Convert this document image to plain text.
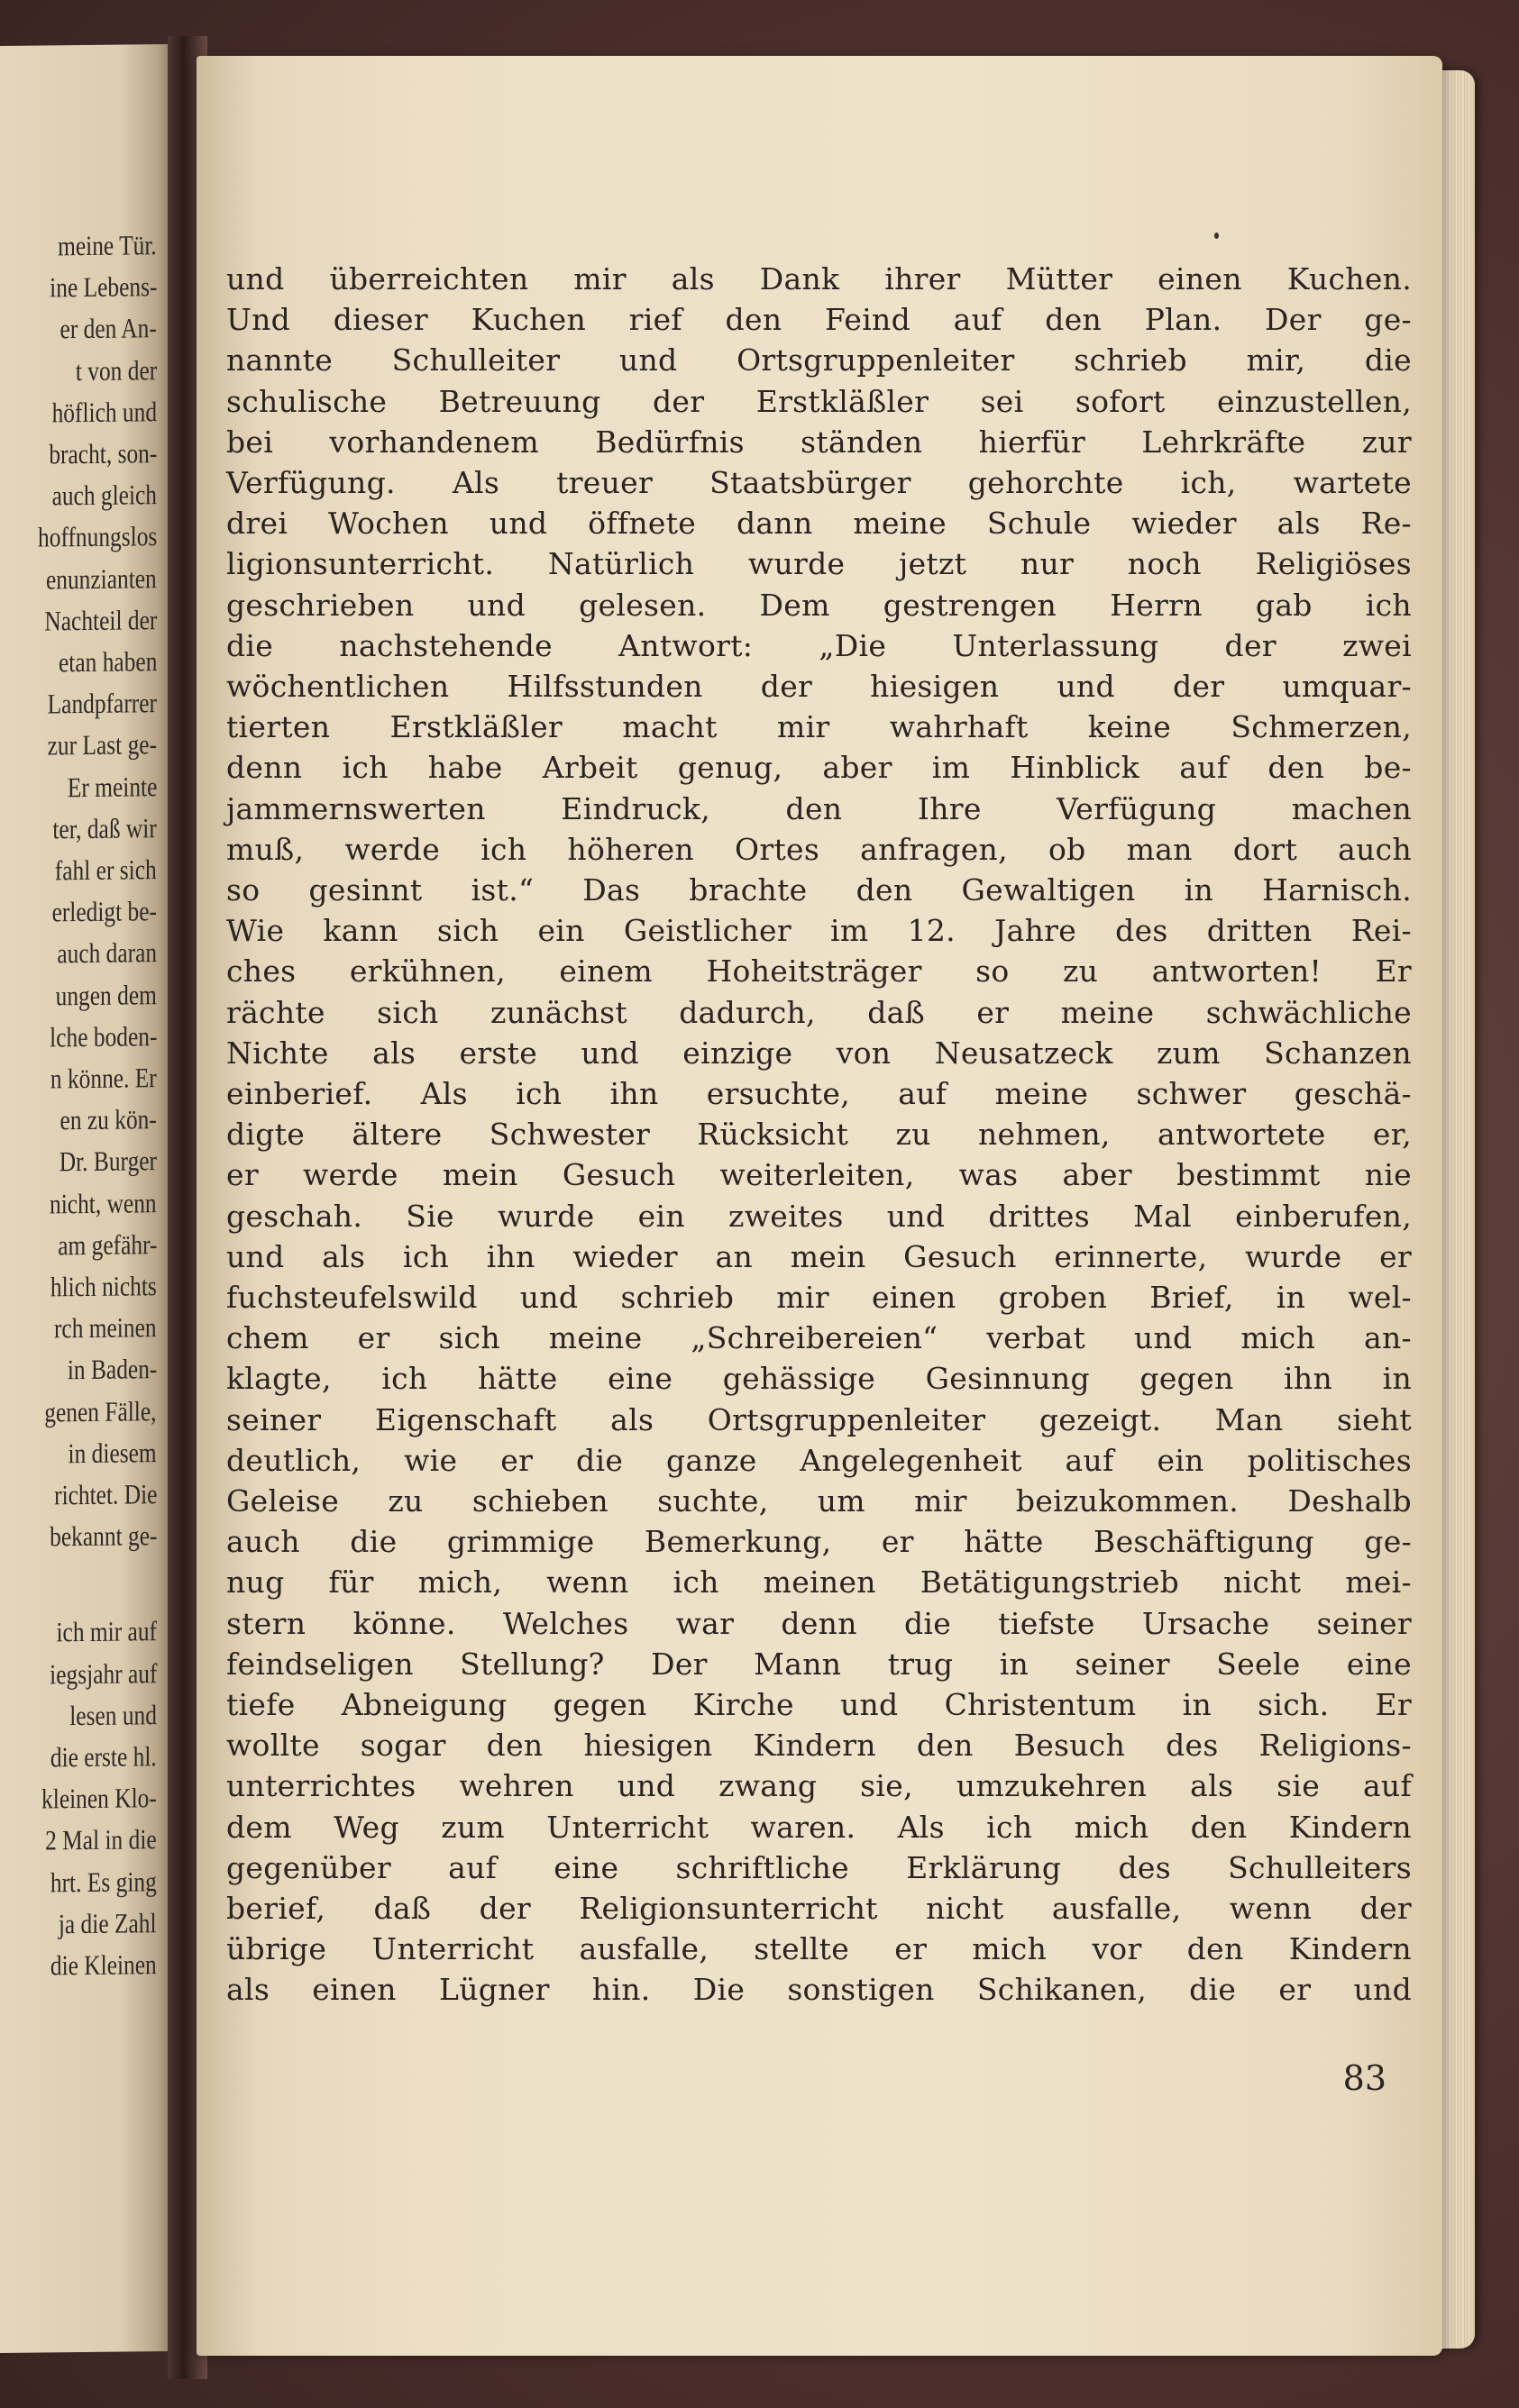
meine Tür.
ine Lebens-
er den An-
t von der
höflich und
bracht, son-
auch gleich
hoffnungslos
enunzianten
Nachteil der
etan haben
Landpfarrer
zur Last ge-
Er meinte
ter, daß wir
fahl er sich
erledigt be-
auch daran
ungen dem
lche boden-
n könne. Er
en zu kön-
Dr. Burger
nicht, wenn
am gefähr-
hlich nichts
rch meinen
in Baden-
genen Fälle,
in diesem
richtet. Die
bekannt ge-
ich mir auf
iegsjahr auf
lesen und
die erste hl.
kleinen Klo-
2 Mal in die
hrt. Es ging
ja die Zahl
die Kleinen
und überreichten mir als Dank ihrer Mütter einen Kuchen.
Und dieser Kuchen rief den Feind auf den Plan. Der ge-
nannte Schulleiter und Ortsgruppenleiter schrieb mir, die
schulische Betreuung der Erstkläßler sei sofort einzustellen,
bei vorhandenem Bedürfnis ständen hierfür Lehrkräfte zur
Verfügung. Als treuer Staatsbürger gehorchte ich, wartete
drei Wochen und öffnete dann meine Schule wieder als Re-
ligionsunterricht. Natürlich wurde jetzt nur noch Religiöses
geschrieben und gelesen. Dem gestrengen Herrn gab ich
die nachstehende Antwort: „Die Unterlassung der zwei
wöchentlichen Hilfsstunden der hiesigen und der umquar-
tierten Erstkläßler macht mir wahrhaft keine Schmerzen,
denn ich habe Arbeit genug, aber im Hinblick auf den be-
jammernswerten Eindruck, den Ihre Verfügung machen
muß, werde ich höheren Ortes anfragen, ob man dort auch
so gesinnt ist.“ Das brachte den Gewaltigen in Harnisch.
Wie kann sich ein Geistlicher im 12. Jahre des dritten Rei-
ches erkühnen, einem Hoheitsträger so zu antworten! Er
rächte sich zunächst dadurch, daß er meine schwächliche
Nichte als erste und einzige von Neusatzeck zum Schanzen
einberief. Als ich ihn ersuchte, auf meine schwer geschä-
digte ältere Schwester Rücksicht zu nehmen, antwortete er,
er werde mein Gesuch weiterleiten, was aber bestimmt nie
geschah. Sie wurde ein zweites und drittes Mal einberufen,
und als ich ihn wieder an mein Gesuch erinnerte, wurde er
fuchsteufelswild und schrieb mir einen groben Brief, in wel-
chem er sich meine „Schreibereien“ verbat und mich an-
klagte, ich hätte eine gehässige Gesinnung gegen ihn in
seiner Eigenschaft als Ortsgruppenleiter gezeigt. Man sieht
deutlich, wie er die ganze Angelegenheit auf ein politisches
Geleise zu schieben suchte, um mir beizukommen. Deshalb
auch die grimmige Bemerkung, er hätte Beschäftigung ge-
nug für mich, wenn ich meinen Betätigungstrieb nicht mei-
stern könne. Welches war denn die tiefste Ursache seiner
feindseligen Stellung? Der Mann trug in seiner Seele eine
tiefe Abneigung gegen Kirche und Christentum in sich. Er
wollte sogar den hiesigen Kindern den Besuch des Religions-
unterrichtes wehren und zwang sie, umzukehren als sie auf
dem Weg zum Unterricht waren. Als ich mich den Kindern
gegenüber auf eine schriftliche Erklärung des Schulleiters
berief, daß der Religionsunterricht nicht ausfalle, wenn der
übrige Unterricht ausfalle, stellte er mich vor den Kindern
als einen Lügner hin. Die sonstigen Schikanen, die er und
83
